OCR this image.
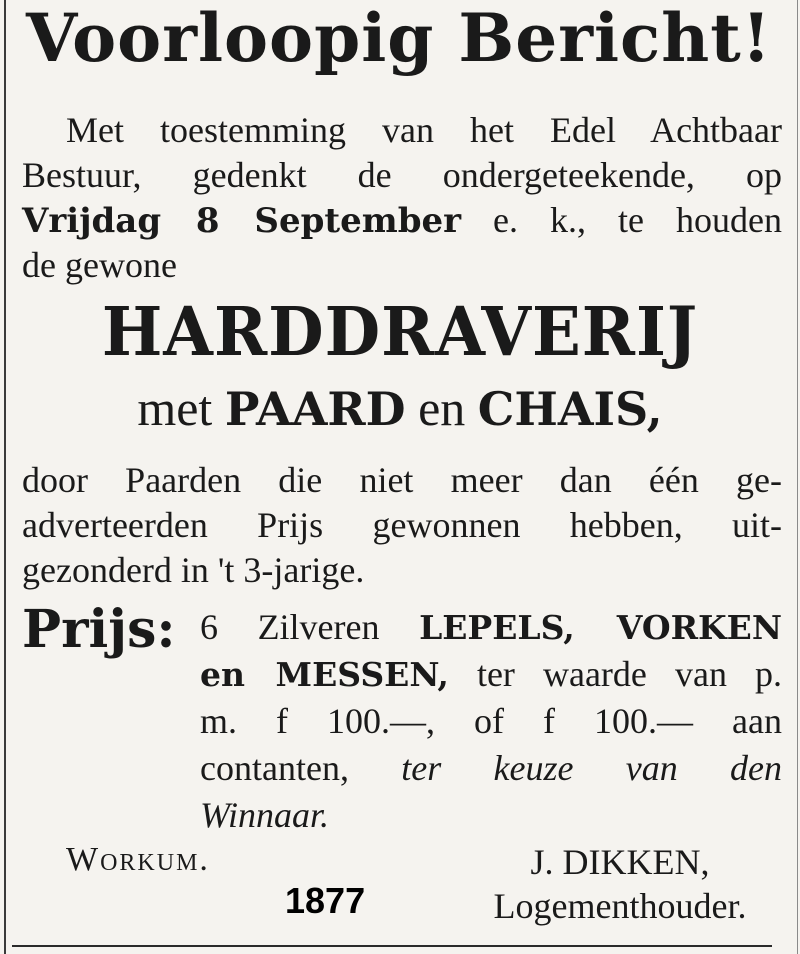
Voorloopig Bericht!
Met toestemming van het Edel Achtbaar
Bestuur, gedenkt de ondergeteekende, op
Vrijdag 8 September e. k., te houden
de gewone
HARDDRAVERIJ
met PAARD en CHAIS,
door Paarden die niet meer dan één ge-
adverteerden Prijs gewonnen hebben, uit-
gezonderd in 't 3-jarige.
Prijs: 6 Zilveren LEPELS, VORKEN
en MESSEN, ter waarde van p.
m. f 100.—, of f 100.— aan
contanten, ter keuze van den
Winnaar.
Workum.	J. DIKKEN,
Logementhouder.
1877
